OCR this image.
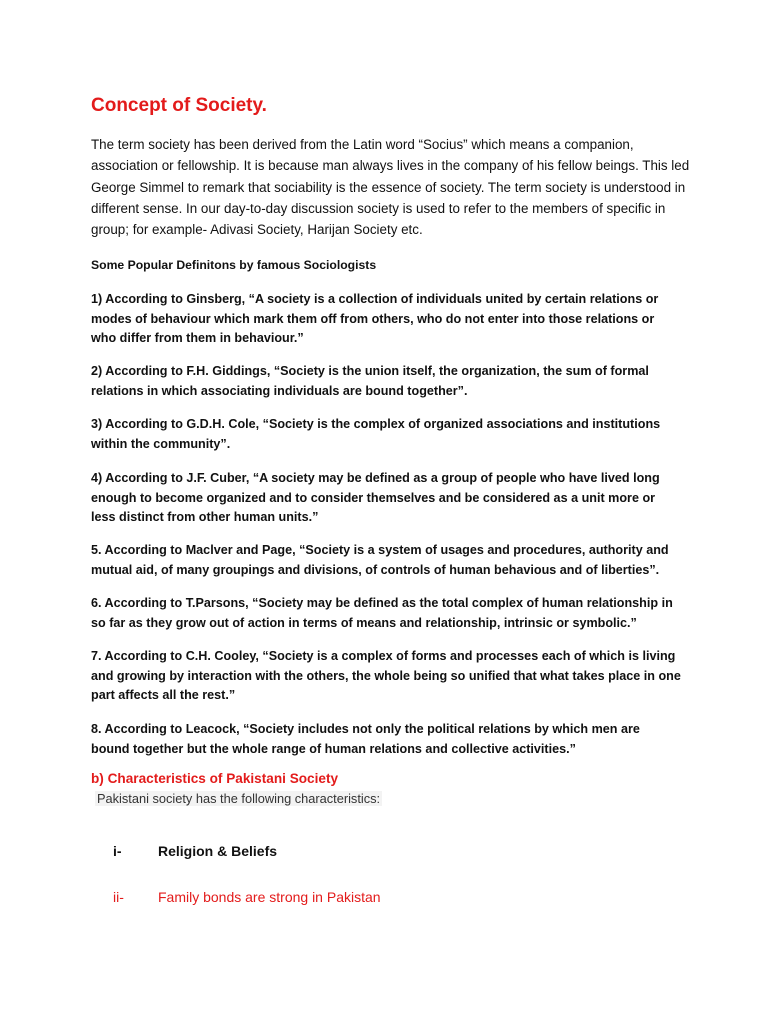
Concept of Society.

The term society has been derived from the Latin word “Socius” which means a companion, association or fellowship. It is because man always lives in the company of his fellow beings. This led George Simmel to remark that sociability is the essence of society. The term society is understood in different sense. In our day-to-day discussion society is used to refer to the members of specific in group; for example- Adivasi Society, Harijan Society etc.

Some Popular Definitons by famous Sociologists

1) According to Ginsberg, “A society is a collection of individuals united by certain relations or modes of behaviour which mark them off from others, who do not enter into those relations or who differ from them in behaviour.”

2) According to F.H. Giddings, “Society is the union itself, the organization, the sum of formal relations in which associating individuals are bound together”.

3) According to G.D.H. Cole, “Society is the complex of organized associations and institutions within the community”.

4) According to J.F. Cuber, “A society may be defined as a group of people who have lived long enough to become organized and to consider themselves and be considered as a unit more or less distinct from other human units.”

5. According to Maclver and Page, “Society is a system of usages and procedures, authority and mutual aid, of many groupings and divisions, of controls of human behavious and of liberties”.

6. According to T.Parsons, “Society may be defined as the total complex of human relationship in so far as they grow out of action in terms of means and relationship, intrinsic or symbolic.”

7. According to C.H. Cooley, “Society is a complex of forms and processes each of which is living and growing by interaction with the others, the whole being so unified that what takes place in one part affects all the rest.”

8. According to Leacock, “Society includes not only the political relations by which men are bound together but the whole range of human relations and collective activities.”

b) Characteristics of Pakistani Society

Pakistani society has the following characteristics:

i-	Religion & Beliefs
ii-	Family bonds are strong in Pakistan
